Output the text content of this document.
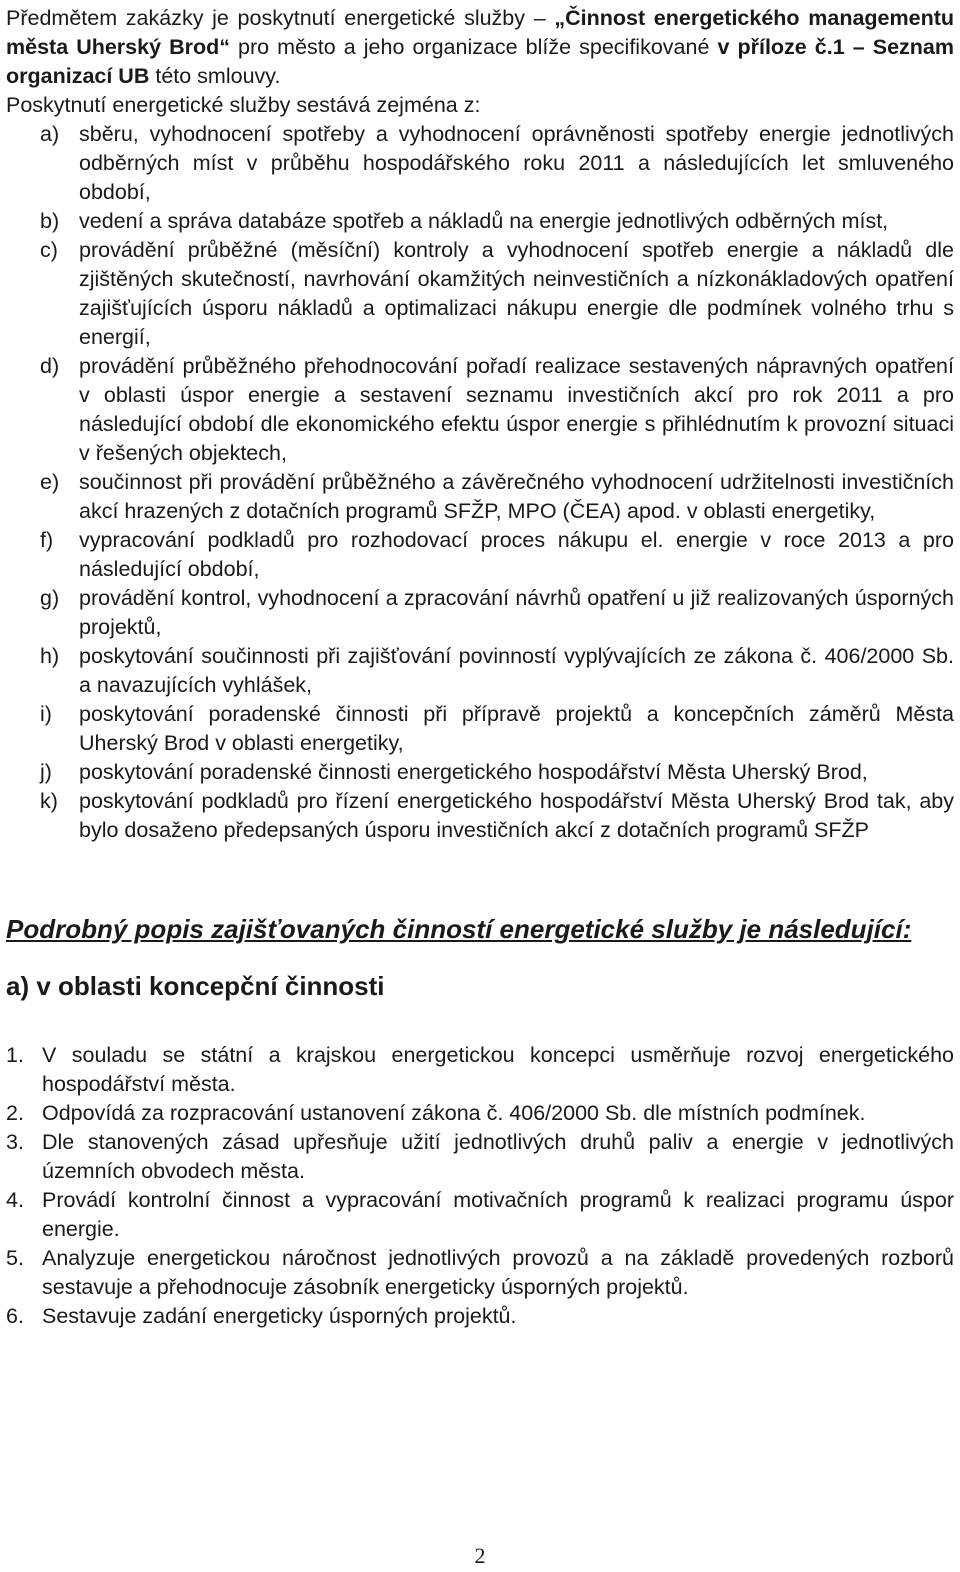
Předmětem zakázky je poskytnutí energetické služby – „Činnost energetického managementu města Uherský Brod“ pro město a jeho organizace blíže specifikované v příloze č.1 – Seznam organizací UB této smlouvy.

Poskytnutí energetické služby sestává zejména z:

a) sběru, vyhodnocení spotřeby a vyhodnocení oprávněnosti spotřeby energie jednotlivých odběrných míst v průběhu hospodářského roku 2011 a následujících let smluveného období,
b) vedení a správa databáze spotřeb a nákladů na energie jednotlivých odběrných míst,
c) provádění průběžné (měsíční) kontroly a vyhodnocení spotřeb energie a nákladů dle zjištěných skutečností, navrhování okamžitých neinvestičních a nízkonákladových opatření zajišťujících úsporu nákladů a optimalizaci nákupu energie dle podmínek volného trhu s energií,
d) provádění průběžného přehodnocování pořadí realizace sestavených nápravných opatření v oblasti úspor energie a sestavení seznamu investičních akcí pro rok 2011 a pro následující období dle ekonomického efektu úspor energie s přihlédnutím k provozní situaci v řešených objektech,
e) součinnost při provádění průběžného a závěrečného vyhodnocení udržitelnosti investičních akcí hrazených z dotačních programů SFŽP, MPO (ČEA) apod. v oblasti energetiky,
f) vypracování podkladů pro rozhodovací proces nákupu el. energie v roce 2013 a pro následující období,
g) provádění kontrol, vyhodnocení a zpracování návrhů opatření u již realizovaných úsporných projektů,
h) poskytování součinnosti při zajišťování povinností vyplývajících ze zákona č. 406/2000 Sb. a navazujících vyhlášek,
i) poskytování poradenské činnosti při přípravě projektů a koncepčních záměrů Města Uherský Brod v oblasti energetiky,
j) poskytování poradenské činnosti energetického hospodářství Města Uherský Brod,
k) poskytování podkladů pro řízení energetického hospodářství Města Uherský Brod tak, aby bylo dosaženo předepsaných úsporu investičních akcí z dotačních programů SFŽP
Podrobný popis zajišťovaných činností energetické služby je následující:
a) v oblasti koncepční činnosti
1. V souladu se státní a krajskou energetickou koncepci usměrňuje rozvoj energetického hospodářství města.
2. Odpovídá za rozpracování ustanovení zákona č. 406/2000 Sb. dle místních podmínek.
3. Dle stanovených zásad upřesňuje užití jednotlivých druhů paliv a energie v jednotlivých územních obvodech města.
4. Provádí kontrolní činnost a vypracování motivačních programů k realizaci programu úspor energie.
5. Analyzuje energetickou náročnost jednotlivých provozů a na základě provedených rozborů sestavuje a přehodnocuje zásobník energeticky úsporných projektů.
6. Sestavuje zadání energeticky úsporných projektů.
2
